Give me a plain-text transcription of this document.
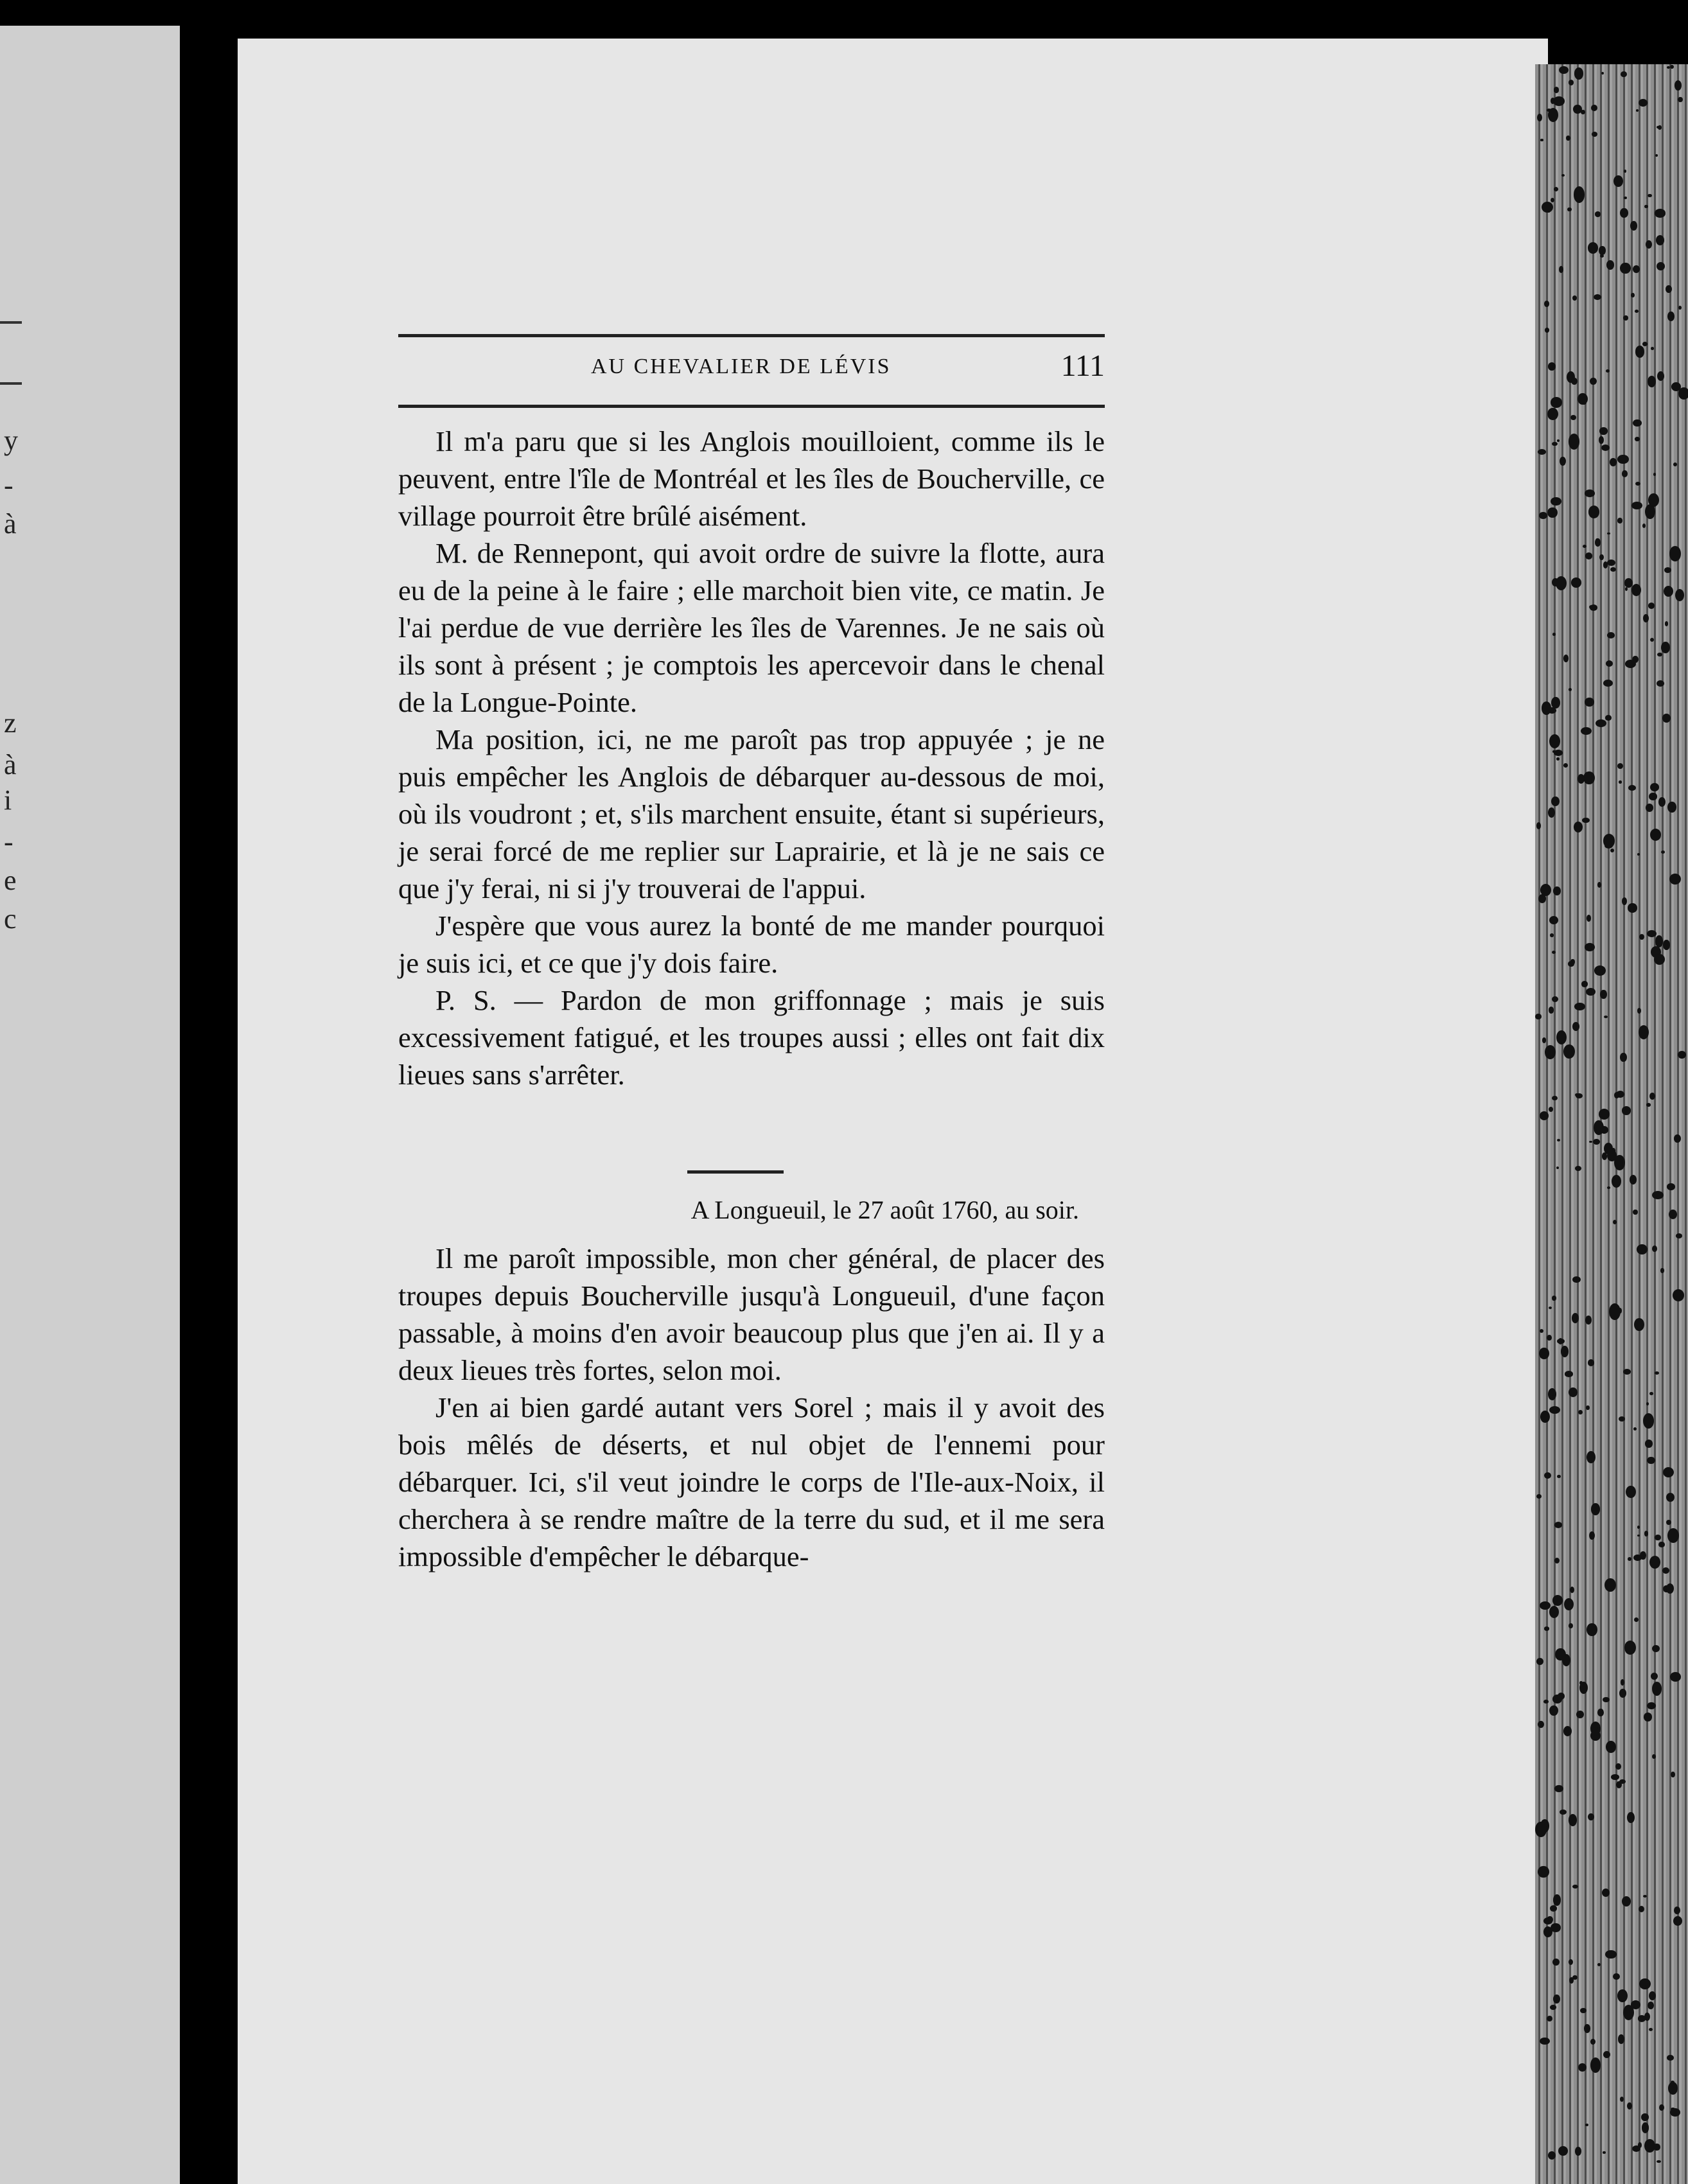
y
-
à
z
à
i
-
e
c
AU CHEVALIER DE LÉVIS	111

Il m'a paru que si les Anglois mouilloient, comme ils le peuvent, entre l'île de Montréal et les îles de Boucherville, ce village pourroit être brûlé aisément.

M. de Rennepont, qui avoit ordre de suivre la flotte, aura eu de la peine à le faire ; elle marchoit bien vite, ce matin. Je l'ai perdue de vue derrière les îles de Varennes. Je ne sais où ils sont à présent ; je comptois les apercevoir dans le chenal de la Longue-Pointe.

Ma position, ici, ne me paroît pas trop appuyée ; je ne puis empêcher les Anglois de débarquer au-dessous de moi, où ils voudront ; et, s'ils marchent ensuite, étant si supérieurs, je serai forcé de me replier sur Laprairie, et là je ne sais ce que j'y ferai, ni si j'y trouverai de l'appui.

J'espère que vous aurez la bonté de me mander pourquoi je suis ici, et ce que j'y dois faire.

P. S. — Pardon de mon griffonnage ; mais je suis excessivement fatigué, et les troupes aussi ; elles ont fait dix lieues sans s'arrêter.

A Longueuil, le 27 août 1760, au soir.

Il me paroît impossible, mon cher général, de placer des troupes depuis Boucherville jusqu'à Longueuil, d'une façon passable, à moins d'en avoir beaucoup plus que j'en ai. Il y a deux lieues très fortes, selon moi.

J'en ai bien gardé autant vers Sorel ; mais il y avoit des bois mêlés de déserts, et nul objet de l'ennemi pour débarquer. Ici, s'il veut joindre le corps de l'Ile-aux-Noix, il cherchera à se rendre maître de la terre du sud, et il me sera impossible d'empêcher le débarque-
